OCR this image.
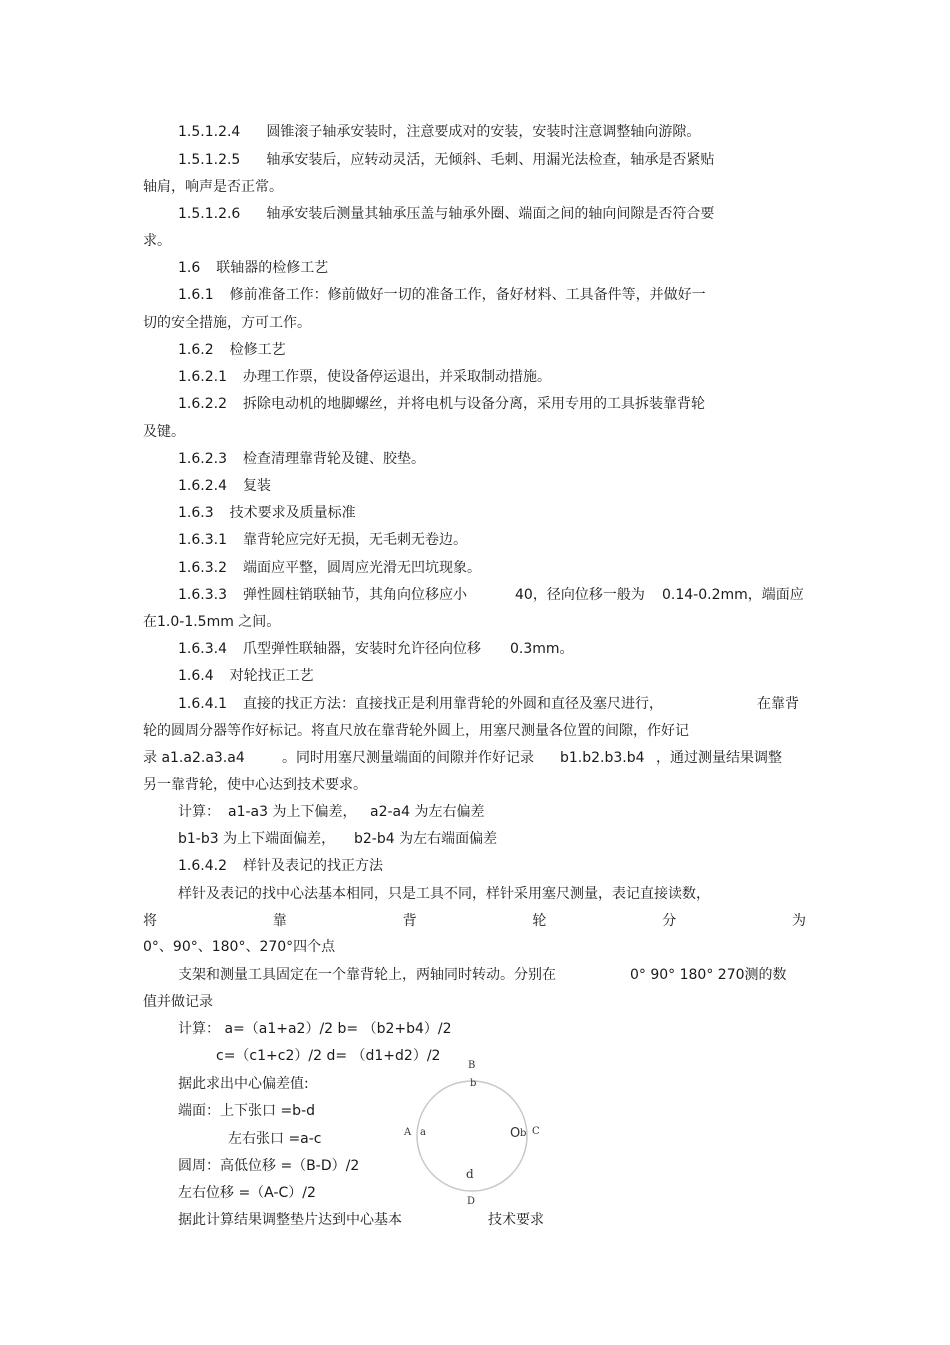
1.5.1.2.4 圆锥滚子轴承安装时，注意要成对的安装，安装时注意调整轴向游隙。
1.5.1.2.5 轴承安装后，应转动灵活，无倾斜、毛刺、用漏光法检查，轴承是否紧贴
轴肩，响声是否正常。
1.5.1.2.6 轴承安装后测量其轴承压盖与轴承外圈、端面之间的轴向间隙是否符合要
求。
1.6 联轴器的检修工艺
1.6.1 修前准备工作：修前做好一切的准备工作，备好材料、工具备件等，并做好一
切的安全措施，方可工作。
1.6.2 检修工艺
1.6.2.1 办理工作票，使设备停运退出，并采取制动措施。
1.6.2.2 拆除电动机的地脚螺丝，并将电机与设备分离，采用专用的工具拆装靠背轮
及键。
1.6.2.3 检查清理靠背轮及键、胶垫。
1.6.2.4 复装
1.6.3 技术要求及质量标准
1.6.3.1 靠背轮应完好无损，无毛刺无卷边。
1.6.3.2 端面应平整，圆周应光滑无凹坑现象。
1.6.3.3 弹性圆柱销联轴节，其角向位移应小	40，径向位移一般为 0.14-0.2mm，端面应
在1.0-1.5mm 之间。
1.6.3.4 爪型弹性联轴器，安装时允许径向位移 0.3mm。
1.6.4 对轮找正工艺
1.6.4.1 直接的找正方法：直接找正是利用靠背轮的外圆和直径及塞尺进行，	在靠背
轮的圆周分器等作好标记。将直尺放在靠背轮外圆上，用塞尺测量各位置的间隙，作好记
录 a1.a2.a3.a4	。同时用塞尺测量端面的间隙并作好记录 b1.b2.b3.b4 ，通过测量结果调整
另一靠背轮，使中心达到技术要求。
计算： a1-a3 为上下偏差， a2-a4 为左右偏差
b1-b3 为上下端面偏差， b2-b4 为左右端面偏差
1.6.4.2 样针及表记的找正方法
样针及表记的找中心法基本相同，只是工具不同，样针采用塞尺测量，表记直接读数，
将	靠	背	轮	分	为
0°、90°、180°、270°四个点
支架和测量工具固定在一个靠背轮上，两轴同时转动。分别在	0° 90° 180° 270测的数
值并做记录
计算： a=（a1+a2）/2 b= （b2+b4）/2
c=（c1+c2）/2 d= （d1+d2）/2
据此求出中心偏差值:
端面：上下张口 =b-d
左右张口 =a-c
圆周：高低位移 =（B-D）/2
左右位移 =（A-C）/2
据此计算结果调整垫片达到中心基本	技术要求
B
b
A a	O b C
d
D
